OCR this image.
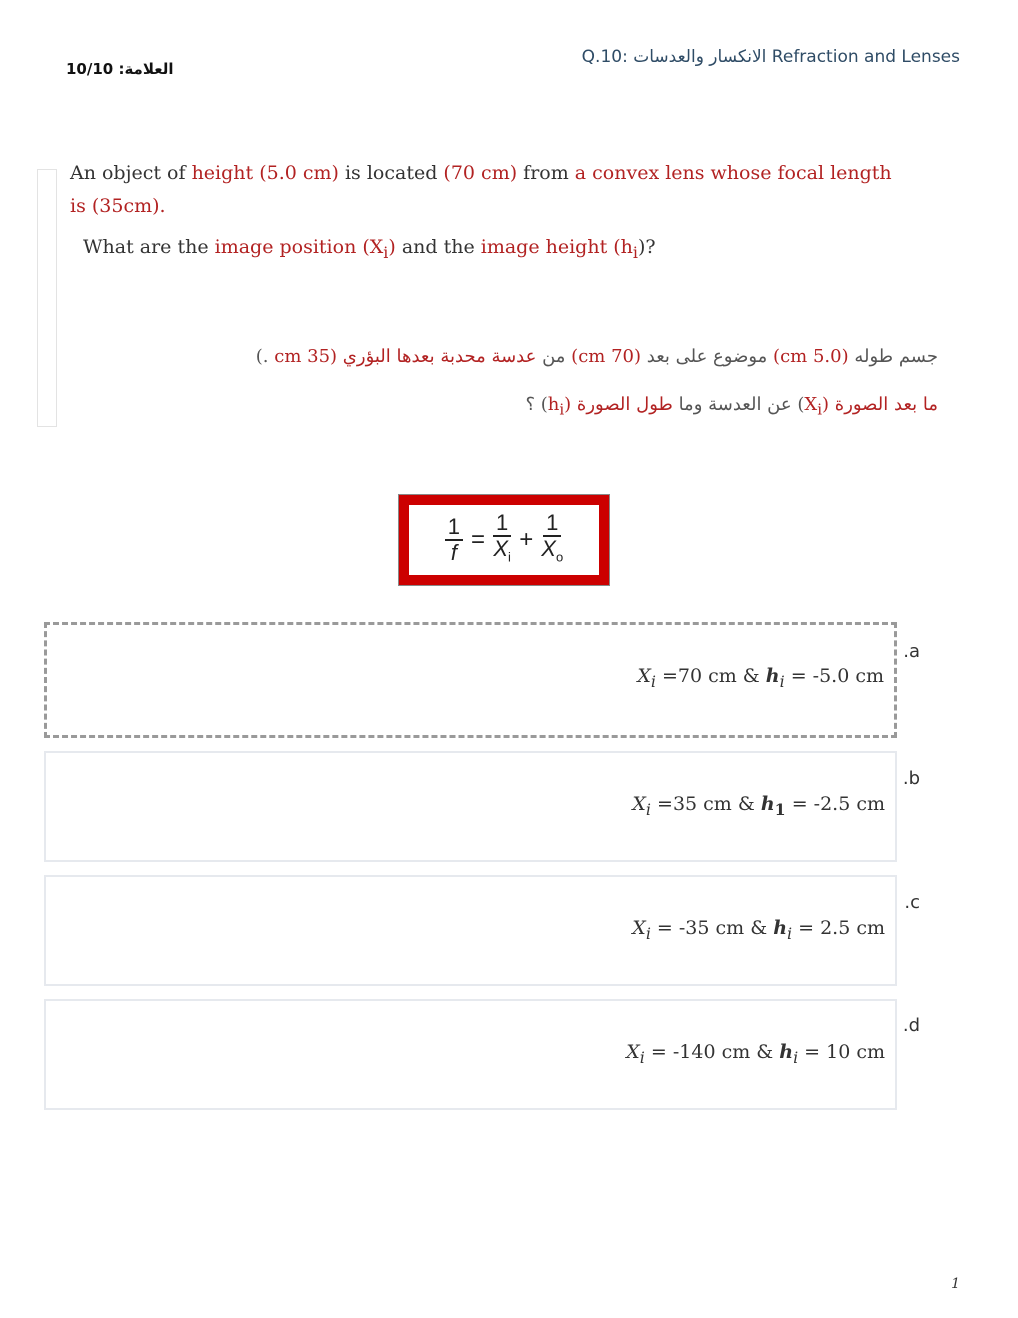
العلامة: 10/10
Q.10: الانكسار والعدسات Refraction and Lenses
An object of height (5.0 cm) is located (70 cm) from a convex lens whose focal length is (35cm).
What are the image position $(X_i)$ and the image height $(h_i)$?
جسم طوله (5.0 cm) موضوع على بعد (70 cm) من عدسة محدبة بعدها البؤري (35 cm .)
ما بعد الصورة $(X_i)$ عن العدسة وما طول الصورة $(h_i)$ ؟
$\frac{1}{f} = \frac{1}{X_i} + \frac{1}{X_o}$
$X_i =70$ cm & $h_i = -5.0$ cm
a.
$X_i =35$ cm & $h_1 = -2.5$ cm
b.
$X_i = -35$ cm & $h_i = 2.5$ cm
c.
$X_i = -140$ cm & $h_i = 10$ cm
d.
1
